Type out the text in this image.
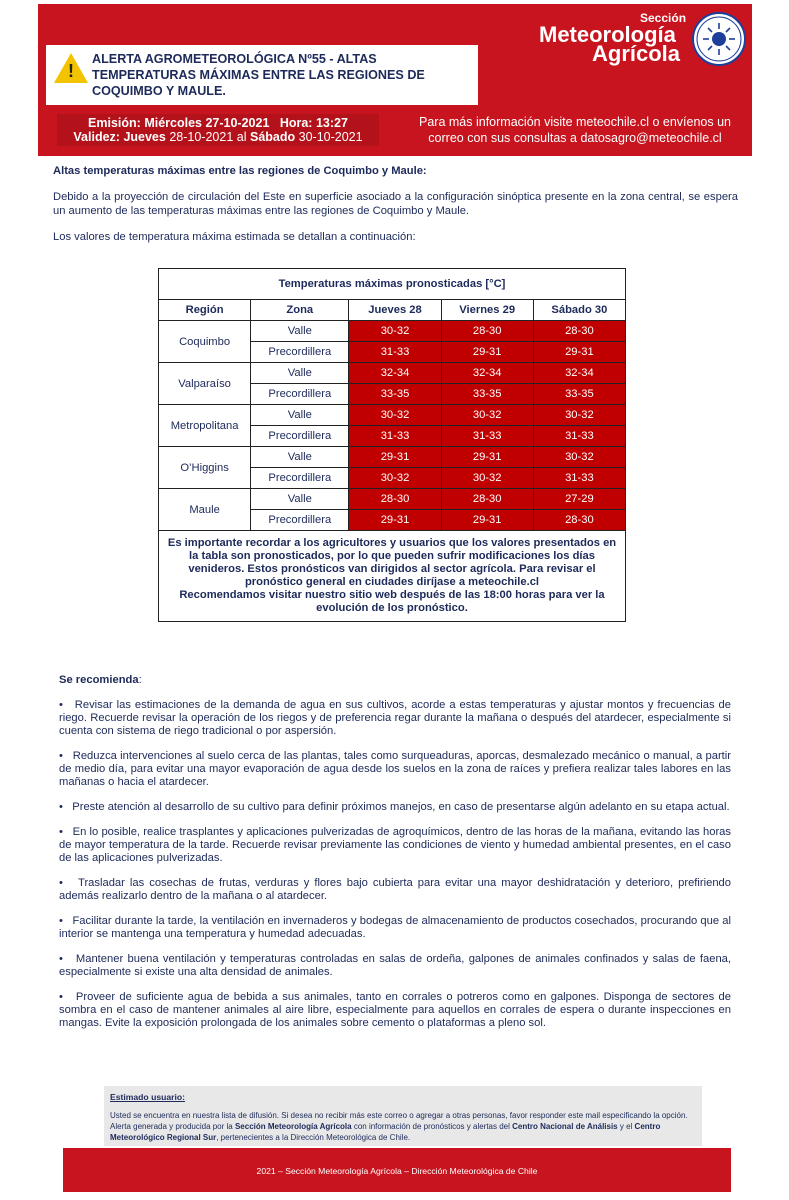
!

ALERTA AGROMETEOROLÓGICA Nº55 - ALTAS TEMPERATURAS MÁXIMAS ENTRE LAS REGIONES DE COQUIMBO Y MAULE.

Sección
Meteorología
Agrícola
Emisión: Miércoles 27-10-2021 Hora: 13:27
Validez: Jueves 28-10-2021 al Sábado 30-10-2021

Para más información visite meteochile.cl o envíenos un correo con sus consultas a datosagro@meteochile.cl

Altas temperaturas máximas entre las regiones de Coquimbo y Maule:

Debido a la proyección de circulación del Este en superficie asociado a la configuración sinóptica presente en la zona central, se espera un aumento de las temperaturas máximas entre las regiones de Coquimbo y Maule.

Los valores de temperatura máxima estimada se detallan a continuación:

Temperaturas máximas pronosticadas [°C]				
Región	Zona	Jueves 28	Viernes 29	Sábado 30
Coquimbo	Valle	30-32	28-30	28-30
	Precordillera	31-33	29-31	29-31
Valparaíso	Valle	32-34	32-34	32-34
	Precordillera	33-35	33-35	33-35
Metropolitana	Valle	30-32	30-32	30-32
	Precordillera	31-33	31-33	31-33
O’Higgins	Valle	29-31	29-31	30-32
	Precordillera	30-32	30-32	31-33
Maule	Valle	28-30	28-30	27-29
	Precordillera	29-31	29-31	28-30

Es importante recordar a los agricultores y usuarios que los valores presentados en la tabla son pronosticados, por lo que pueden sufrir modificaciones los días venideros. Estos pronósticos van dirigidos al sector agrícola. Para revisar el pronóstico general en ciudades diríjase a meteochile.cl
Recomendamos visitar nuestro sitio web después de las 18:00 horas para ver la evolución de los pronóstico.				

Se recomienda:

•   Revisar las estimaciones de la demanda de agua en sus cultivos, acorde a estas temperaturas y ajustar montos y frecuencias de riego. Recuerde revisar la operación de los riegos y de preferencia regar durante la mañana o después del atardecer, especialmente si cuenta con sistema de riego tradicional o por aspersión.

•   Reduzca intervenciones al suelo cerca de las plantas, tales como surqueaduras, aporcas, desmalezado mecánico o manual, a partir de medio día, para evitar una mayor evaporación de agua desde los suelos en la zona de raíces y prefiera realizar tales labores en las mañanas o hacia el atardecer.

•   Preste atención al desarrollo de su cultivo para definir próximos manejos, en caso de presentarse algún adelanto en su etapa actual.

•   En lo posible, realice trasplantes y aplicaciones pulverizadas de agroquímicos, dentro de las horas de la mañana, evitando las horas de mayor temperatura de la tarde. Recuerde revisar previamente las condiciones de viento y humedad ambiental presentes, en el caso de las aplicaciones pulverizadas.

•   Trasladar las cosechas de frutas, verduras y flores bajo cubierta para evitar una mayor deshidratación y deterioro, prefiriendo además realizarlo dentro de la mañana o al atardecer.

•   Facilitar durante la tarde, la ventilación en invernaderos y bodegas de almacenamiento de productos cosechados, procurando que al interior se mantenga una temperatura y humedad adecuadas.

•   Mantener buena ventilación y temperaturas controladas en salas de ordeña, galpones de animales confinados y salas de faena, especialmente si existe una alta densidad de animales.

•   Proveer de suficiente agua de bebida a sus animales, tanto en corrales o potreros como en galpones. Disponga de sectores de sombra en el caso de mantener animales al aire libre, especialmente para aquellos en corrales de espera o durante inspecciones en mangas. Evite la exposición prolongada de los animales sobre cemento o plataformas a pleno sol.

Estimado usuario:

Usted se encuentra en nuestra lista de difusión. Si desea no recibir más este correo o agregar a otras personas, favor responder este mail especificando la opción. Alerta generada y producida por la Sección Meteorología Agrícola con información de pronósticos y alertas del Centro Nacional de Análisis y el Centro Meteorológico Regional Sur, pertenecientes a la Dirección Meteorológica de Chile.

2021 – Sección Meteorología Agrícola – Dirección Meteorológica de Chile
